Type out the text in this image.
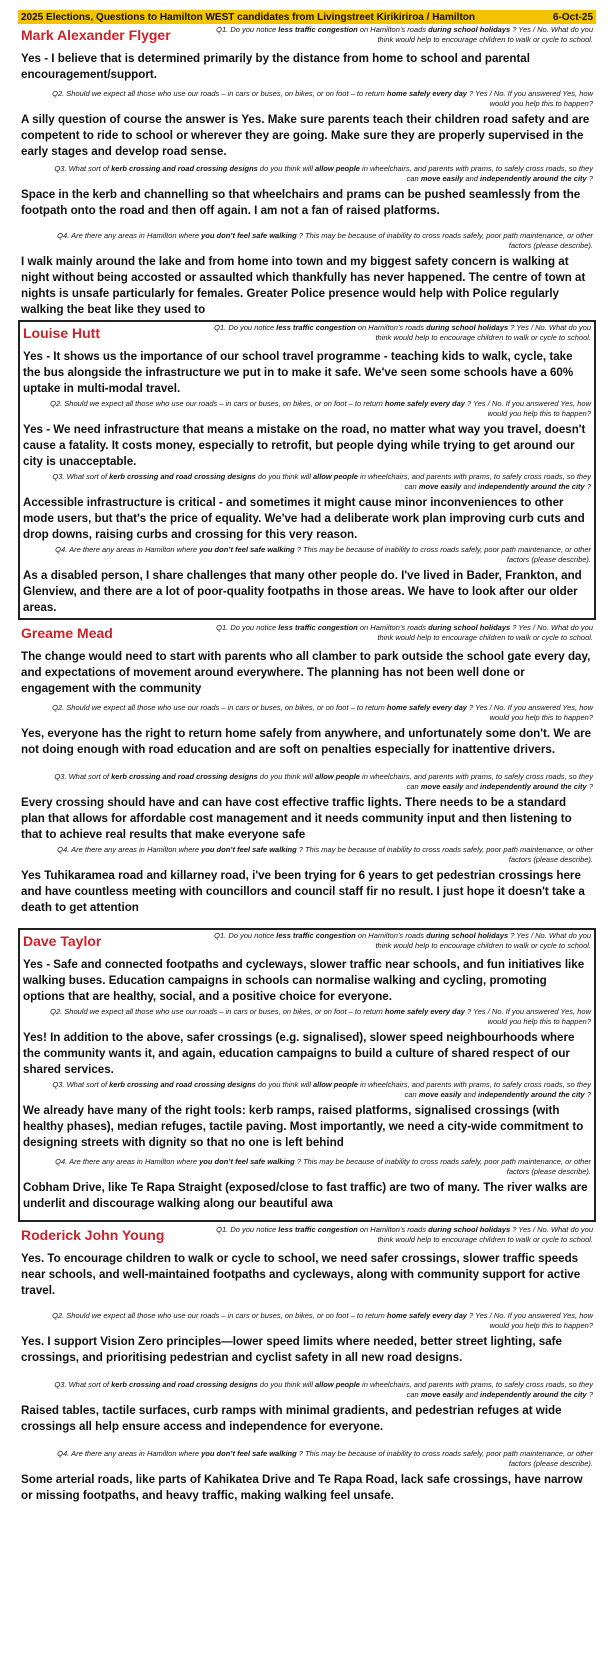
2025 Elections, Questions to Hamilton WEST candidates from Livingstreet Kirikiriroa / Hamilton	6-Oct-25
Mark Alexander Flyger	Q1. Do you notice less traffic congestion on Hamilton’s roads during school holidays ? Yes / No. What do you think would help to encourage children to walk or cycle to school.
Yes - I believe that is determined primarily by the distance from home to school and parental encouragement/support.
Q2. Should we expect all those who use our roads – in cars or buses, on bikes, or on foot – to return home safely every day ? Yes / No. If you answered Yes, how would you help this to happen?
A silly question of course the answer is Yes. Make sure parents teach their children road safety and are competent to ride to school or wherever they are going. Make sure they are properly supervised in the early stages and develop road sense.
Q3. What sort of kerb crossing and road crossing designs do you think will allow people in wheelchairs, and parents with prams, to safely cross roads, so they can move easily and independently around the city ?
Space in the kerb and channelling so that wheelchairs and prams can be pushed seamlessly from the footpath onto the road and then off again. I am not a fan of raised platforms.
Q4. Are there any areas in Hamilton where you don’t feel safe walking ? This may be because of inability to cross roads safely, poor path maintenance, or other factors (please describe).
I walk mainly around the lake and from home into town and my biggest safety concern is walking at night without being accosted or assaulted which thankfully has never happened. The centre of town at nights is unsafe particularly for females. Greater Police presence would help with Police regularly walking the beat like they used to
Louise Hutt	Q1. Do you notice less traffic congestion on Hamilton’s roads during school holidays ? Yes / No. What do you think would help to encourage children to walk or cycle to school.
Yes - It shows us the importance of our school travel programme - teaching kids to walk, cycle, take the bus alongside the infrastructure we put in to make it safe. We've seen some schools have a 60% uptake in multi-modal travel.
Q2. Should we expect all those who use our roads – in cars or buses, on bikes, or on foot – to return home safely every day ? Yes / No. If you answered Yes, how would you help this to happen?
Yes - We need infrastructure that means a mistake on the road, no matter what way you travel, doesn't cause a fatality. It costs money, especially to retrofit, but people dying while trying to get around our city is unacceptable.
Q3. What sort of kerb crossing and road crossing designs do you think will allow people in wheelchairs, and parents with prams, to safely cross roads, so they can move easily and independently around the city ?
Accessible infrastructure is critical - and sometimes it might cause minor inconveniences to other mode users, but that's the price of equality. We've had a deliberate work plan improving curb cuts and drop downs, raising curbs and crossing for this very reason.
Q4. Are there any areas in Hamilton where you don’t feel safe walking ? This may be because of inability to cross roads safely, poor path maintenance, or other factors (please describe).
As a disabled person, I share challenges that many other people do. I've lived in Bader, Frankton, and Glenview, and there are a lot of poor-quality footpaths in those areas. We have to look after our older areas.
Greame Mead	Q1. Do you notice less traffic congestion on Hamilton’s roads during school holidays ? Yes / No. What do you think would help to encourage children to walk or cycle to school.
The change would need to start with parents who all clamber to park outside the school gate every day, and expectations of movement around everywhere. The planning has not been well done or engagement with the community
Q2. Should we expect all those who use our roads – in cars or buses, on bikes, or on foot – to return home safely every day ? Yes / No. If you answered Yes, how would you help this to happen?
Yes, everyone has the right to return home safely from anywhere, and unfortunately some don't. We are not doing enough with road education and are soft on penalties especially for inattentive drivers.
Q3. What sort of kerb crossing and road crossing designs do you think will allow people in wheelchairs, and parents with prams, to safely cross roads, so they can move easily and independently around the city ?
Every crossing should have and can have cost effective traffic lights. There needs to be a standard plan that allows for affordable cost management and it needs community input and then listening to that to achieve real results that make everyone safe
Q4. Are there any areas in Hamilton where you don’t feel safe walking ? This may be because of inability to cross roads safely, poor path maintenance, or other factors (please describe).
Yes Tuhikaramea road and killarney road, i've been trying for 6 years to get pedestrian crossings here and have countless meeting with councillors and council staff fir no result. I just hope it doesn't take a death to get attention
Dave Taylor	Q1. Do you notice less traffic congestion on Hamilton’s roads during school holidays ? Yes / No. What do you think would help to encourage children to walk or cycle to school.
Yes - Safe and connected footpaths and cycleways, slower traffic near schools, and fun initiatives like walking buses. Education campaigns in schools can normalise walking and cycling, promoting options that are healthy, social, and a positive choice for everyone.
Q2. Should we expect all those who use our roads – in cars or buses, on bikes, or on foot – to return home safely every day ? Yes / No. If you answered Yes, how would you help this to happen?
Yes! In addition to the above, safer crossings (e.g. signalised), slower speed neighbourhoods where the community wants it, and again, education campaigns to build a culture of shared respect of our shared services.
Q3. What sort of kerb crossing and road crossing designs do you think will allow people in wheelchairs, and parents with prams, to safely cross roads, so they can move easily and independently around the city ?
We already have many of the right tools: kerb ramps, raised platforms, signalised crossings (with healthy phases), median refuges, tactile paving. Most importantly, we need a city-wide commitment to designing streets with dignity so that no one is left behind
Q4. Are there any areas in Hamilton where you don’t feel safe walking ? This may be because of inability to cross roads safely, poor path maintenance, or other factors (please describe).
Cobham Drive, like Te Rapa Straight (exposed/close to fast traffic) are two of many. The river walks are underlit and discourage walking along our beautiful awa
Roderick John Young	Q1. Do you notice less traffic congestion on Hamilton’s roads during school holidays ? Yes / No. What do you think would help to encourage children to walk or cycle to school.
Yes. To encourage children to walk or cycle to school, we need safer crossings, slower traffic speeds near schools, and well-maintained footpaths and cycleways, along with community support for active travel.
Q2. Should we expect all those who use our roads – in cars or buses, on bikes, or on foot – to return home safely every day ? Yes / No. If you answered Yes, how would you help this to happen?
Yes. I support Vision Zero principles—lower speed limits where needed, better street lighting, safe crossings, and prioritising pedestrian and cyclist safety in all new road designs.
Q3. What sort of kerb crossing and road crossing designs do you think will allow people in wheelchairs, and parents with prams, to safely cross roads, so they can move easily and independently around the city ?
Raised tables, tactile surfaces, curb ramps with minimal gradients, and pedestrian refuges at wide crossings all help ensure access and independence for everyone.
Q4. Are there any areas in Hamilton where you don’t feel safe walking ? This may be because of inability to cross roads safely, poor path maintenance, or other factors (please describe).
Some arterial roads, like parts of Kahikatea Drive and Te Rapa Road, lack safe crossings, have narrow or missing footpaths, and heavy traffic, making walking feel unsafe.
